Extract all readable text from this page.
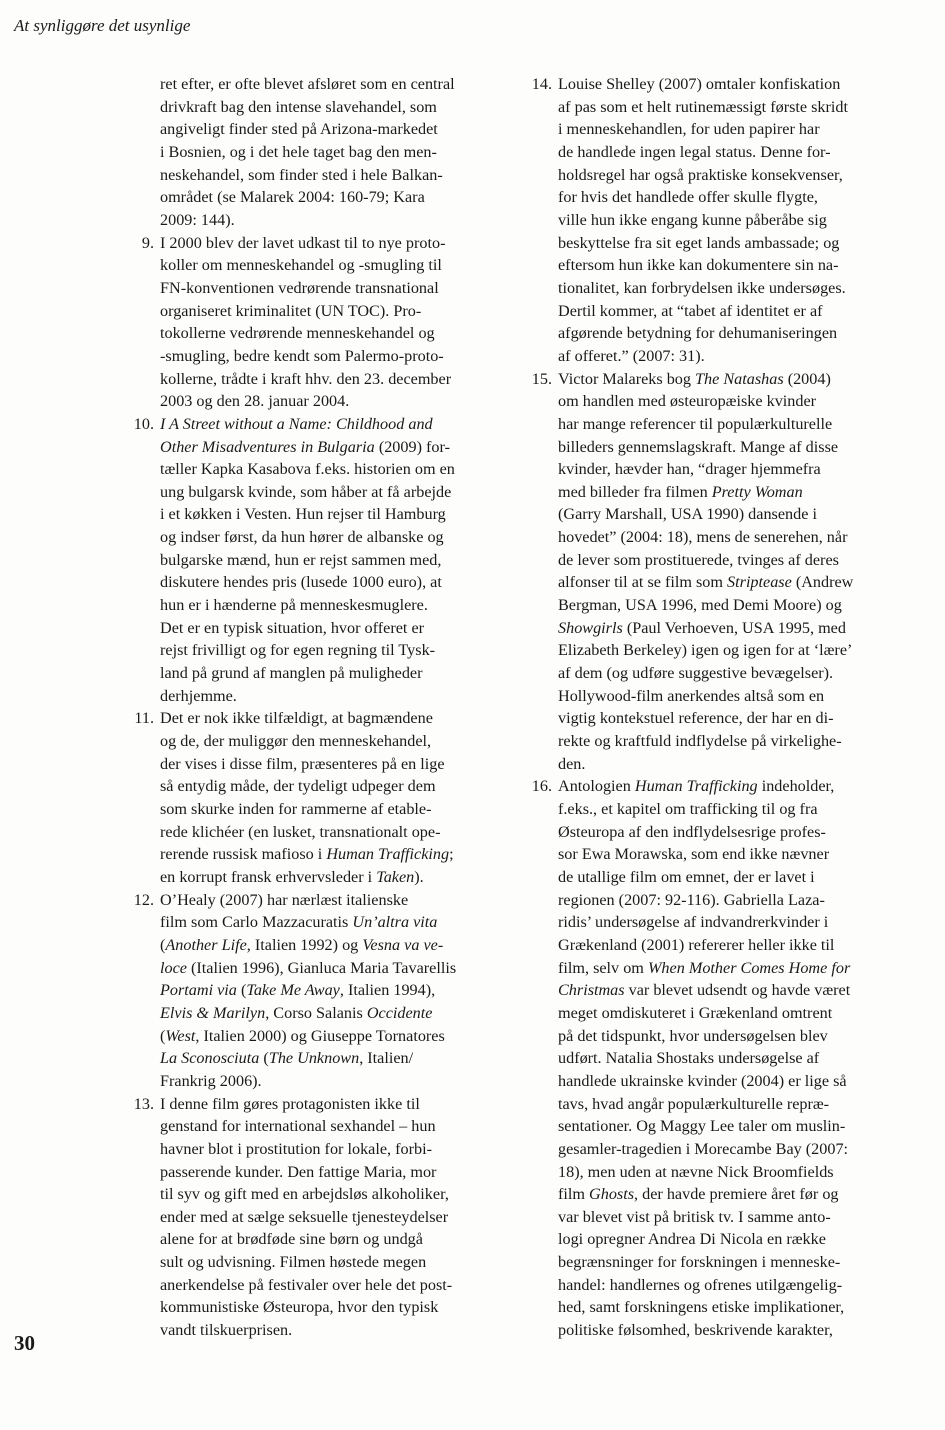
At synliggøre det usynlige
ret efter, er ofte blevet afsløret som en central
drivkraft bag den intense slavehandel, som
angiveligt finder sted på Arizona-markedet
i Bosnien, og i det hele taget bag den men-
neskehandel, som finder sted i hele Balkan-
området (se Malarek 2004: 160-79; Kara
2009: 144).
9. I 2000 blev der lavet udkast til to nye proto-
koller om menneskehandel og -smugling til
FN-konventionen vedrørende transnational
organiseret kriminalitet (UN TOC). Pro-
tokollerne vedrørende menneskehandel og
-smugling, bedre kendt som Palermo-proto-
kollerne, trådte i kraft hhv. den 23. december
2003 og den 28. januar 2004.
10. I A Street without a Name: Childhood and
Other Misadventures in Bulgaria (2009) for-
tæller Kapka Kasabova f.eks. historien om en
ung bulgarsk kvinde, som håber at få arbejde
i et køkken i Vesten. Hun rejser til Hamburg
og indser først, da hun hører de albanske og
bulgarske mænd, hun er rejst sammen med,
diskutere hendes pris (lusede 1000 euro), at
hun er i hænderne på menneskesmuglere.
Det er en typisk situation, hvor offeret er
rejst frivilligt og for egen regning til Tysk-
land på grund af manglen på muligheder
derhjemme.
11. Det er nok ikke tilfældigt, at bagmændene
og de, der muliggør den menneskehandel,
der vises i disse film, præsenteres på en lige
så entydig måde, der tydeligt udpeger dem
som skurke inden for rammerne af etable-
rede klichéer (en lusket, transnationalt ope-
rerende russisk mafioso i Human Trafficking;
en korrupt fransk erhvervsleder i Taken).
12. O’Healy (2007) har nærlæst italienske
film som Carlo Mazzacuratis Un’altra vita
(Another Life, Italien 1992) og Vesna va ve-
loce (Italien 1996), Gianluca Maria Tavarellis
Portami via (Take Me Away, Italien 1994),
Elvis & Marilyn, Corso Salanis Occidente
(West, Italien 2000) og Giuseppe Tornatores
La Sconosciuta (The Unknown, Italien/
Frankrig 2006).
13. I denne film gøres protagonisten ikke til
genstand for international sexhandel – hun
havner blot i prostitution for lokale, forbi-
passerende kunder. Den fattige Maria, mor
til syv og gift med en arbejdsløs alkoholiker,
ender med at sælge seksuelle tjenesteydelser
alene for at brødføde sine børn og undgå
sult og udvisning. Filmen høstede megen
anerkendelse på festivaler over hele det post-
kommunistiske Østeuropa, hvor den typisk
vandt tilskuerprisen.
14. Louise Shelley (2007) omtaler konfiskation
af pas som et helt rutinemæssigt første skridt
i menneskehandlen, for uden papirer har
de handlede ingen legal status. Denne for-
holdsregel har også praktiske konsekvenser,
for hvis det handlede offer skulle flygte,
ville hun ikke engang kunne påberåbe sig
beskyttelse fra sit eget lands ambassade; og
eftersom hun ikke kan dokumentere sin na-
tionalitet, kan forbrydelsen ikke undersøges.
Dertil kommer, at “tabet af identitet er af
afgørende betydning for dehumaniseringen
af offeret.” (2007: 31).
15. Victor Malareks bog The Natashas (2004)
om handlen med østeuropæiske kvinder
har mange referencer til populærkulturelle
billeders gennemslagskraft. Mange af disse
kvinder, hævder han, “drager hjemmefra
med billeder fra filmen Pretty Woman
(Garry Marshall, USA 1990) dansende i
hovedet” (2004: 18), mens de senerehen, når
de lever som prostituerede, tvinges af deres
alfonser til at se film som Striptease (Andrew
Bergman, USA 1996, med Demi Moore) og
Showgirls (Paul Verhoeven, USA 1995, med
Elizabeth Berkeley) igen og igen for at ‘lære’
af dem (og udføre suggestive bevægelser).
Hollywood-film anerkendes altså som en
vigtig kontekstuel reference, der har en di-
rekte og kraftfuld indflydelse på virkelighe-
den.
16. Antologien Human Trafficking indeholder,
f.eks., et kapitel om trafficking til og fra
Østeuropa af den indflydelsesrige profes-
sor Ewa Morawska, som end ikke nævner
de utallige film om emnet, der er lavet i
regionen (2007: 92-116). Gabriella Laza-
ridis’ undersøgelse af indvandrerkvinder i
Grækenland (2001) refererer heller ikke til
film, selv om When Mother Comes Home for
Christmas var blevet udsendt og havde været
meget omdiskuteret i Grækenland omtrent
på det tidspunkt, hvor undersøgelsen blev
udført. Natalia Shostaks undersøgelse af
handlede ukrainske kvinder (2004) er lige så
tavs, hvad angår populærkulturelle repræ-
sentationer. Og Maggy Lee taler om muslin-
gesamler-tragedien i Morecambe Bay (2007:
18), men uden at nævne Nick Broomfields
film Ghosts, der havde premiere året før og
var blevet vist på britisk tv. I samme anto-
logi opregner Andrea Di Nicola en række
begrænsninger for forskningen i menneske-
handel: handlernes og ofrenes utilgængelig-
hed, samt forskningens etiske implikationer,
politiske følsomhed, beskrivende karakter,
30
